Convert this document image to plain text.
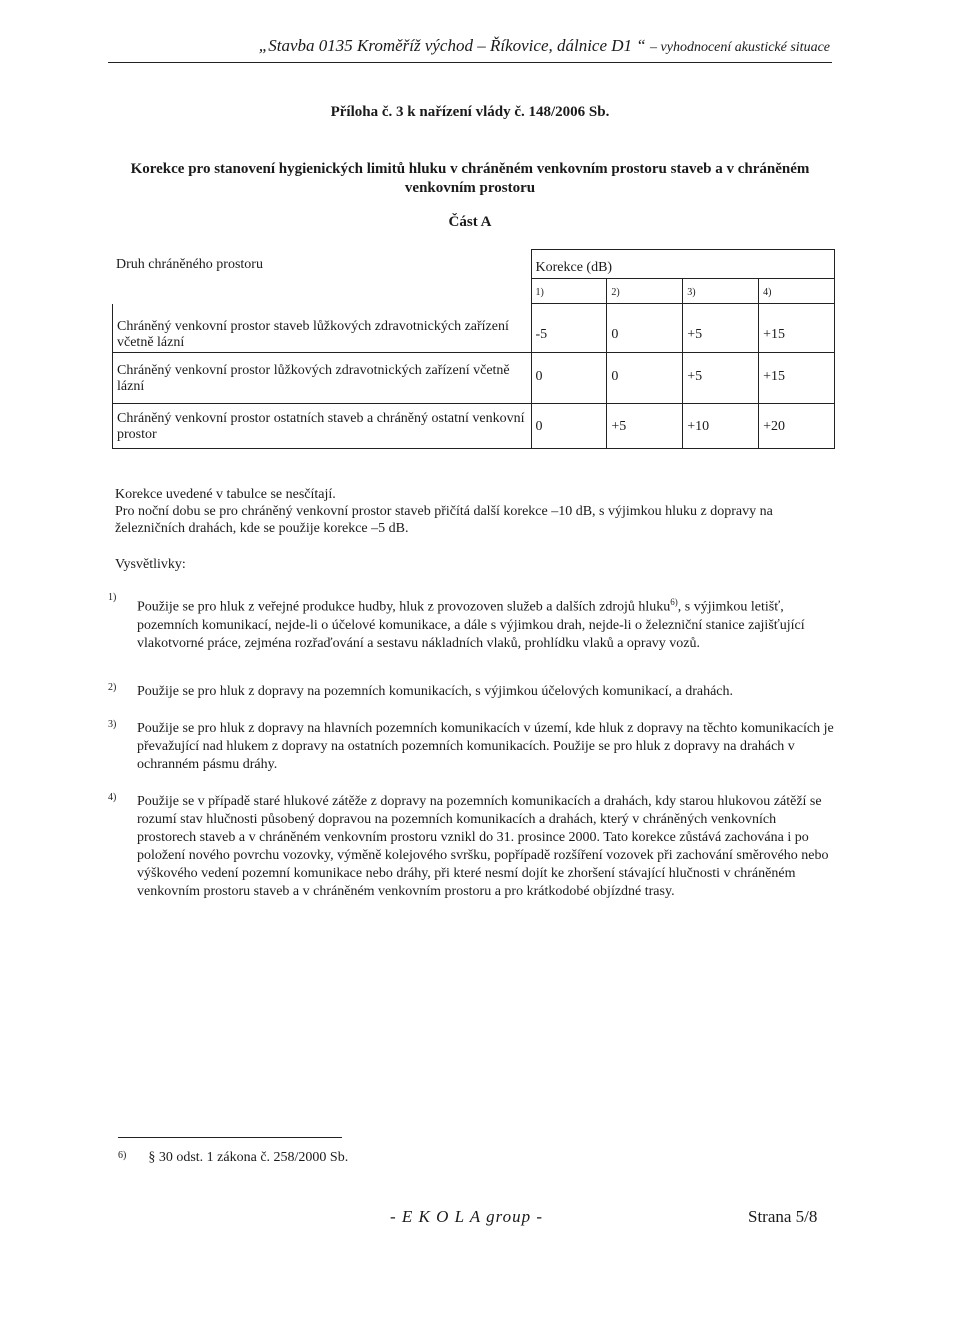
„Stavba 0135 Kroměříž východ – Říkovice, dálnice D1 “ – vyhodnocení akustické situace
Příloha č. 3 k nařízení vlády č. 148/2006 Sb.
Korekce pro stanovení hygienických limitů hluku v chráněném venkovním prostoru staveb a v chráněném venkovním prostoru
Část A
Druh chráněného prostoru
		Korekce (dB)			
	1)	2)	3)	4)
Chráněný venkovní prostor staveb lůžkových zdravotnických zařízení včetně lázní	-5	0	+5	+15
Chráněný venkovní prostor lůžkových zdravotnických zařízení včetně lázní	0	0	+5	+15
Chráněný venkovní prostor ostatních staveb a chráněný ostatní venkovní prostor	0	+5	+10	+20
Korekce uvedené v tabulce se nesčítají.
Pro noční dobu se pro chráněný venkovní prostor staveb přičítá další korekce –10 dB, s výjimkou hluku z dopravy na železničních drahách, kde se použije korekce –5 dB.
Vysvětlivky:
1)
Použije se pro hluk z veřejné produkce hudby, hluk z provozoven služeb a dalších zdrojů hluku$^{6)}$, s výjimkou letišť, pozemních komunikací, nejde-li o účelové komunikace, a dále s výjimkou drah, nejde-li o železniční stanice zajišťující vlakotvorné práce, zejména rozřaďování a sestavu nákladních vlaků, prohlídku vlaků a opravy vozů.
2) Použije se pro hluk z dopravy na pozemních komunikacích, s výjimkou účelových komunikací, a drahách.
3) Použije se pro hluk z dopravy na hlavních pozemních komunikacích v území, kde hluk z dopravy na těchto komunikacích je převažující nad hlukem z dopravy na ostatních pozemních komunikacích. Použije se pro hluk z dopravy na drahách v ochranném pásmu dráhy.
4) Použije se v případě staré hlukové zátěže z dopravy na pozemních komunikacích a drahách, kdy starou hlukovou zátěží se rozumí stav hlučnosti působený dopravou na pozemních komunikacích a drahách, který v chráněných venkovních prostorech staveb a v chráněném venkovním prostoru vznikl do 31. prosince 2000. Tato korekce zůstává zachována i po položení nového povrchu vozovky, výměně kolejového svršku, popřípadě rozšíření vozovek při zachování směrového nebo výškového vedení pozemní komunikace nebo dráhy, při které nesmí dojít ke zhoršení stávající hlučnosti v chráněném venkovním prostoru staveb a v chráněném venkovním prostoru a pro krátkodobé objízdné trasy.
$^{6)}$ § 30 odst. 1 zákona č. 258/2000 Sb.
- E K O L A group -	Strana 5/8
